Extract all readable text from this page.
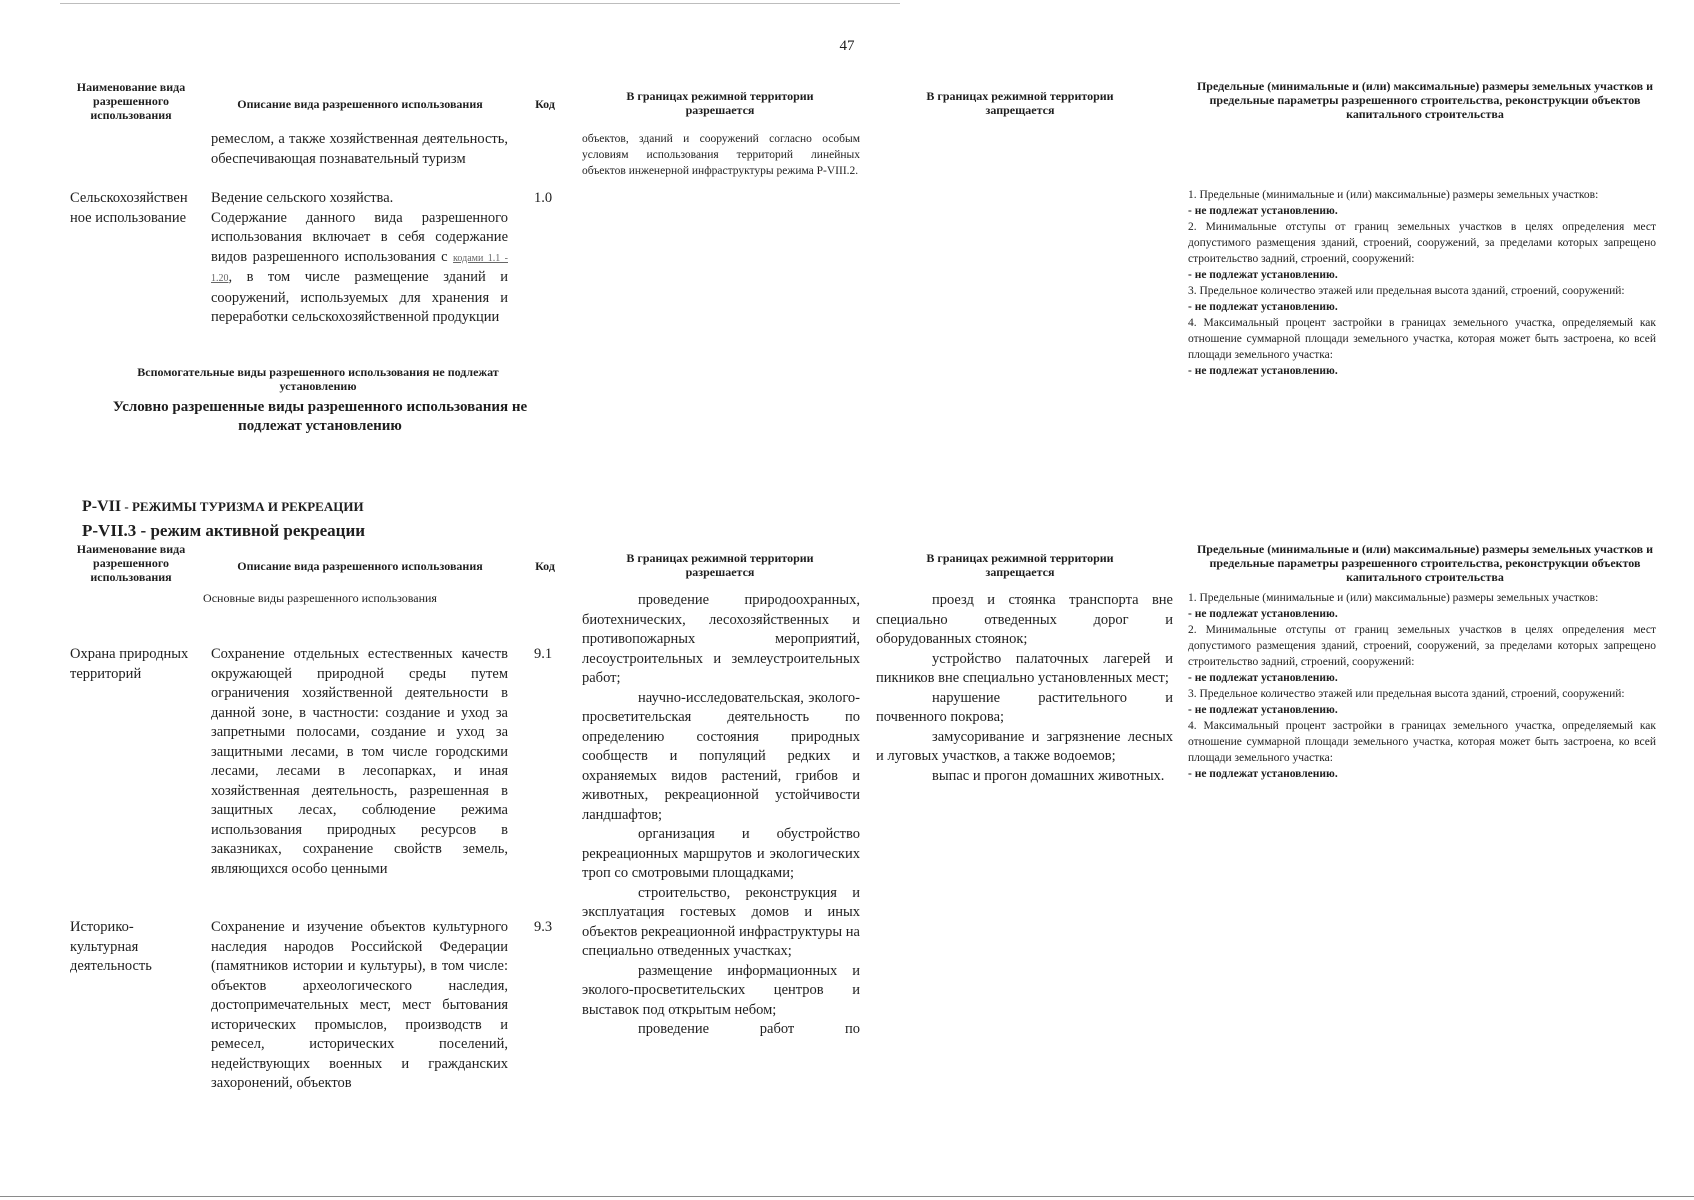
47
Наименование вида разрешенного использования
Описание вида разрешенного использования	Код
В границах режимной территории разрешается
В границах режимной территории запрещается
Предельные (минимальные и (или) максимальные) размеры земельных участков и предельные параметры разрешенного строительства, реконструкции объектов капитального строительства
ремеслом, а также хозяйственная деятельность, обеспечивающая познавательный туризм
Сельскохозяйственное использование
1.0
Ведение сельского хозяйства.
Содержание данного вида разрешенного использования включает в себя содержание видов разрешенного использования с кодами 1.1 - 1.20, в том числе размещение зданий и сооружений, используемых для хранения и переработки сельскохозяйственной продукции
объектов, зданий и сооружений согласно особым условиям использования территорий линейных объектов инженерной инфраструктуры режима Р-VIII.2.
Вспомогательные виды разрешенного использования не подлежат установлению
Условно разрешенные виды разрешенного использования не подлежат установлению

1. Предельные (минимальные и (или) максимальные) размеры земельных участков:

- не подлежат установлению.

2. Минимальные отступы от границ земельных участков в целях определения мест допустимого размещения зданий, строений, сооружений, за пределами которых запрещено строительство задний, строений, сооружений:

- не подлежат установлению.

3. Предельное количество этажей или предельная высота зданий, строений, сооружений:

- не подлежат установлению.

4. Максимальный процент застройки в границах земельного участка, определяемый как отношение суммарной площади земельного участка, которая может быть застроена, ко всей площади земельного участка:

- не подлежат установлению.

Р-VII - РЕЖИМЫ ТУРИЗМА И РЕКРЕАЦИИ
Р-VII.3 - режим активной рекреации
Наименование вида разрешенного использования
Описание вида разрешенного использования	Код
В границах режимной территории разрешается
В границах режимной территории запрещается
Предельные (минимальные и (или) максимальные) размеры земельных участков и предельные параметры разрешенного строительства, реконструкции объектов капитального строительства
Основные виды разрешенного использования
Охрана природных территорий
Сохранение отдельных естественных качеств окружающей природной среды путем ограничения хозяйственной деятельности в данной зоне, в частности: создание и уход за запретными полосами, создание и уход за защитными лесами, в том числе городскими лесами, лесами в лесопарках, и иная хозяйственная деятельность, разрешенная в защитных лесах, соблюдение режима использования природных ресурсов в заказниках, сохранение свойств земель, являющихся особо ценными
9.1
Историко-культурная деятельность
Сохранение и изучение объектов культурного наследия народов Российской Федерации (памятников истории и культуры), в том числе: объектов археологического наследия, достопримечательных мест, мест бытования исторических промыслов, производств и ремесел, исторических поселений, недействующих военных и гражданских захоронений, объектов
9.3
проведение природоохранных, биотехнических, лесохозяйственных и противопожарных мероприятий, лесоустроительных и землеустроительных работ;
научно-исследовательская, эколого-просветительская деятельность по определению состояния природных сообществ и популяций редких и охраняемых видов растений, грибов и животных, рекреационной устойчивости ландшафтов;
организация и обустройство рекреационных маршрутов и экологических троп со смотровыми площадками;
строительство, реконструкция и эксплуатация гостевых домов и иных объектов рекреационной инфраструктуры на специально отведенных участках;
размещение информационных и эколого-просветительских центров и выставок под открытым небом;
проведение работ по
проезд и стоянка транспорта вне специально отведенных дорог и оборудованных стоянок;
устройство палаточных лагерей и пикников вне специально установленных мест;
нарушение растительного и почвенного покрова;
замусоривание и загрязнение лесных и луговых участков, а также водоемов;
выпас и прогон домашних животных.

1. Предельные (минимальные и (или) максимальные) размеры земельных участков:

- не подлежат установлению.

2. Минимальные отступы от границ земельных участков в целях определения мест допустимого размещения зданий, строений, сооружений, за пределами которых запрещено строительство задний, строений, сооружений:

- не подлежат установлению.

3. Предельное количество этажей или предельная высота зданий, строений, сооружений:

- не подлежат установлению.

4. Максимальный процент застройки в границах земельного участка, определяемый как отношение суммарной площади земельного участка, которая может быть застроена, ко всей площади земельного участка:

- не подлежат установлению.
